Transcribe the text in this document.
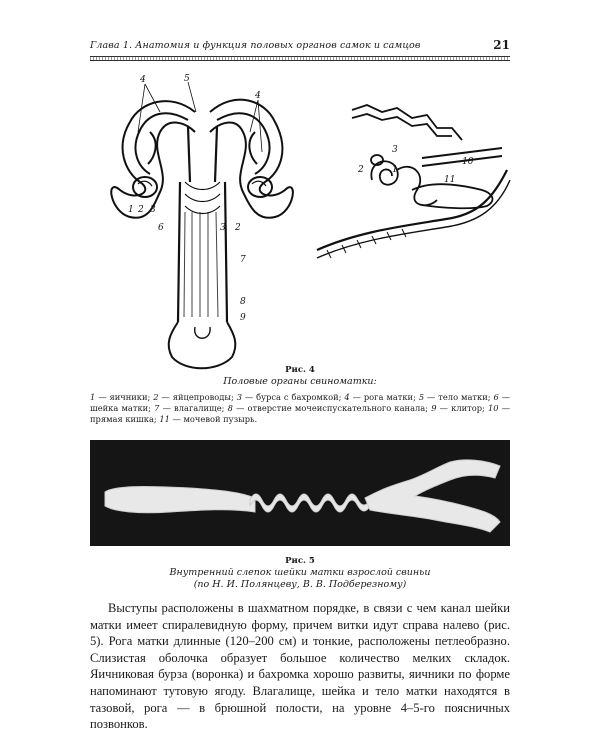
Глава 1. Анатомия и функция половых органов самок и самцов	21
4	5
4
1 2 3
6	3 2
7
8
9
3
2	1
10
11
Рис. 4
Половые органы свиноматки:
1 — яичники; 2 — яйцепроводы; 3 — бурса с бахромкой; 4 — рога матки; 5 — тело матки; 6 — шейка матки; 7 — влагалище; 8 — отверстие мочеиспускательного канала; 9 — клитор; 10 — прямая кишка; 11 — мочевой пузырь.
Рис. 5
Внутренний слепок шейки матки взрослой свиньи
(по Н. И. Полянцеву, В. В. Подберезному)

Выступы расположены в шахматном порядке, в связи с чем канал шейки матки имеет спиралевидную форму, причем витки идут справа налево (рис. 5). Рога матки длинные (120–200 см) и тонкие, расположены петлеобразно. Слизистая оболочка образует большое количество мелких складок. Яичниковая бурза (воронка) и бахромка хорошо развиты, яичники по форме напоминают тутовую ягоду. Влагалище, шейка и тело матки находятся в тазовой, рога — в брюшной полости, на уровне 4–5-го поясничных позвонков.
